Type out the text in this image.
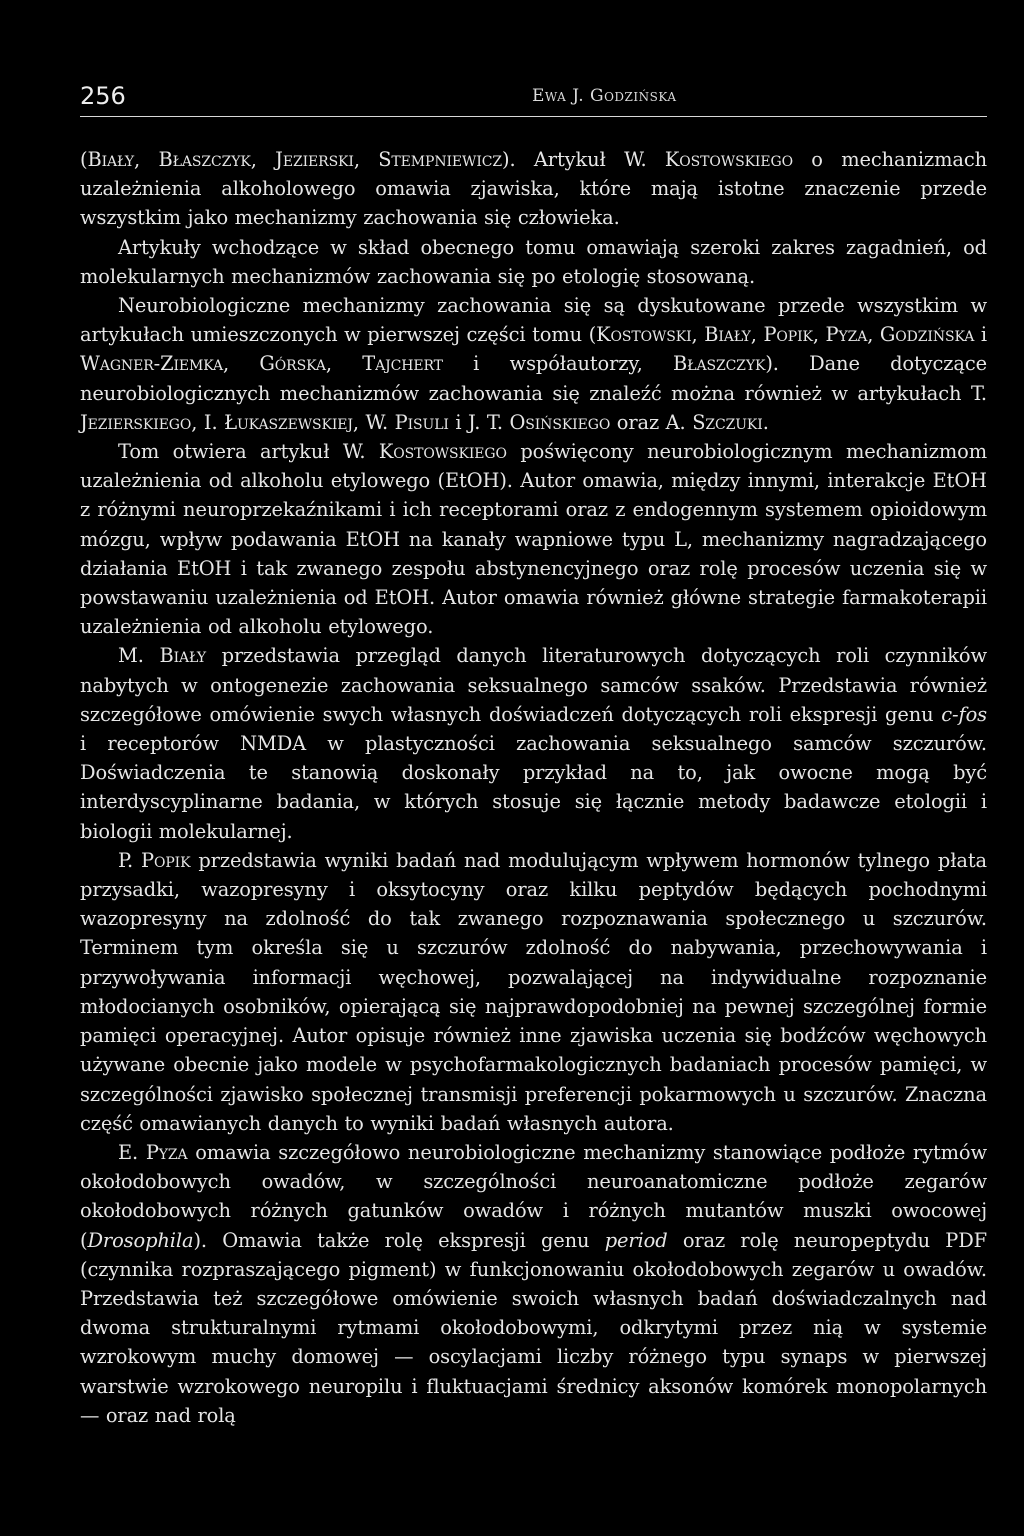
256	Ewa J. Godzińska

(Biały, Błaszczyk, Jezierski, Stempniewicz). Artykuł W. Kostowskiego o mechanizmach uzależnienia alkoholowego omawia zjawiska, które mają istotne znaczenie przede wszystkim jako mechanizmy zachowania się człowieka.

Artykuły wchodzące w skład obecnego tomu omawiają szeroki zakres zagadnień, od molekularnych mechanizmów zachowania się po etologię stosowaną.

Neurobiologiczne mechanizmy zachowania się są dyskutowane przede wszystkim w artykułach umieszczonych w pierwszej części tomu (Kostowski, Biały, Popik, Pyza, Godzińska i Wagner-Ziemka, Górska, Tajchert i współautorzy, Błaszczyk). Dane dotyczące neurobiologicznych mechanizmów zachowania się znaleźć można również w artykułach T. Jezierskiego, I. Łukaszewskiej, W. Pisuli i J. T. Osińskiego oraz A. Szczuki.

Tom otwiera artykuł W. Kostowskiego poświęcony neurobiologicznym mechanizmom uzależnienia od alkoholu etylowego (EtOH). Autor omawia, między innymi, interakcje EtOH z różnymi neuroprzekaźnikami i ich receptorami oraz z endogennym systemem opioidowym mózgu, wpływ podawania EtOH na kanały wapniowe typu L, mechanizmy nagradzającego działania EtOH i tak zwanego zespołu abstynencyjnego oraz rolę procesów uczenia się w powstawaniu uzależnienia od EtOH. Autor omawia również główne strategie farmakoterapii uzależnienia od alkoholu etylowego.

M. Biały przedstawia przegląd danych literaturowych dotyczących roli czynników nabytych w ontogenezie zachowania seksualnego samców ssaków. Przedstawia również szczegółowe omówienie swych własnych doświadczeń dotyczących roli ekspresji genu c-fos i receptorów NMDA w plastyczności zachowania seksualnego samców szczurów. Doświadczenia te stanowią doskonały przykład na to, jak owocne mogą być interdyscyplinarne badania, w których stosuje się łącznie metody badawcze etologii i biologii molekularnej.

P. Popik przedstawia wyniki badań nad modulującym wpływem hormonów tylnego płata przysadki, wazopresyny i oksytocyny oraz kilku peptydów będących pochodnymi wazopresyny na zdolność do tak zwanego rozpoznawania społecznego u szczurów. Terminem tym określa się u szczurów zdolność do nabywania, przechowywania i przywoływania informacji węchowej, pozwalającej na indywidualne rozpoznanie młodocianych osobników, opierającą się najprawdopodobniej na pewnej szczególnej formie pamięci operacyjnej. Autor opisuje również inne zjawiska uczenia się bodźców węchowych używane obecnie jako modele w psychofarmakologicznych badaniach procesów pamięci, w szczególności zjawisko społecznej transmisji preferencji pokarmowych u szczurów. Znaczna część omawianych danych to wyniki badań własnych autora.

E. Pyza omawia szczegółowo neurobiologiczne mechanizmy stanowiące podłoże rytmów okołodobowych owadów, w szczególności neuroanatomiczne podłoże zegarów okołodobowych różnych gatunków owadów i różnych mutantów muszki owocowej (Drosophila). Omawia także rolę ekspresji genu period oraz rolę neuropeptydu PDF (czynnika rozpraszającego pigment) w funkcjonowaniu okołodobowych zegarów u owadów. Przedstawia też szczegółowe omówienie swoich własnych badań doświadczalnych nad dwoma strukturalnymi rytmami okołodobowymi, odkrytymi przez nią w systemie wzrokowym muchy domowej — oscylacjami liczby różnego typu synaps w pierwszej warstwie wzrokowego neuropilu i fluktuacjami średnicy aksonów komórek monopolarnych — oraz nad rolą
